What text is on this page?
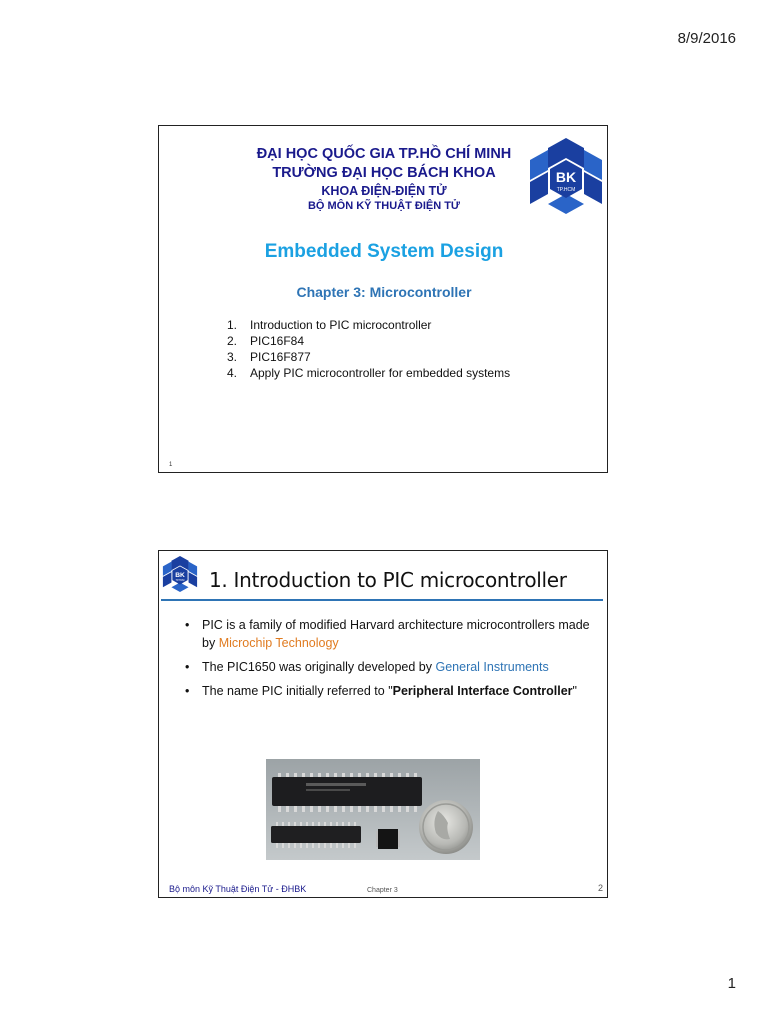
8/9/2016
ĐẠI HỌC QUỐC GIA TP.HỒ CHÍ MINH
TRƯỜNG ĐẠI HỌC BÁCH KHOA
KHOA ĐIỆN-ĐIỆN TỬ
BỘ MÔN KỸ THUẬT ĐIỆN TỬ
BK
TP.HCM
Embedded System Design
Chapter 3: Microcontroller
1. Introduction to PIC microcontroller
2. PIC16F84
3. PIC16F877
4. Apply PIC microcontroller for embedded systems
1
BK
TP.HCM 1. Introduction to PIC microcontroller
• PIC is a family of modified Harvard architecture microcontrollers made by Microchip Technology
• The PIC1650 was originally developed by General Instruments
• The name PIC initially referred to "Peripheral Interface Controller"
Bộ môn Kỹ Thuật Điện Tử - ĐHBK	Chapter 3	2
1
